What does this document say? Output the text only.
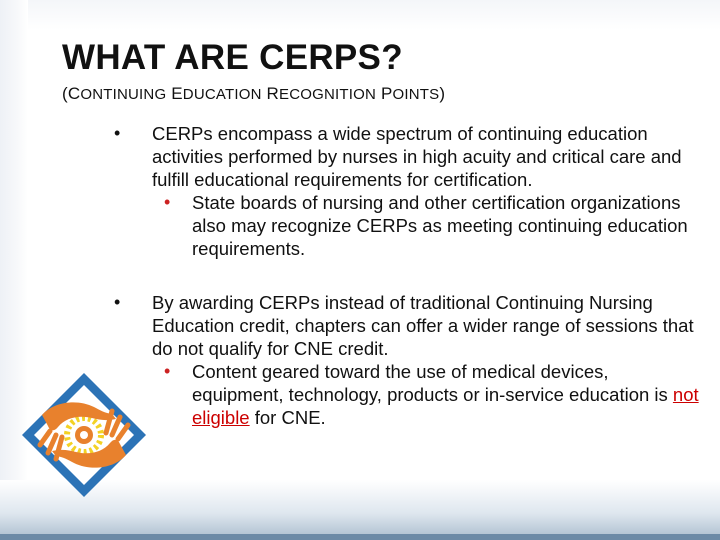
WHAT ARE CERPS?
(CONTINUING EDUCATION RECOGNITION POINTS)
• CERPs encompass a wide spectrum of continuing education activities performed by nurses in high acuity and critical care and fulfill educational requirements for certification.
• State boards of nursing and other certification organizations also may recognize CERPs as meeting continuing education requirements.
• By awarding CERPs instead of traditional Continuing Nursing Education credit, chapters can offer a wider range of sessions that do not qualify for CNE credit.
• Content geared toward the use of medical devices, equipment, technology, products or in-service education is not eligible for CNE.
